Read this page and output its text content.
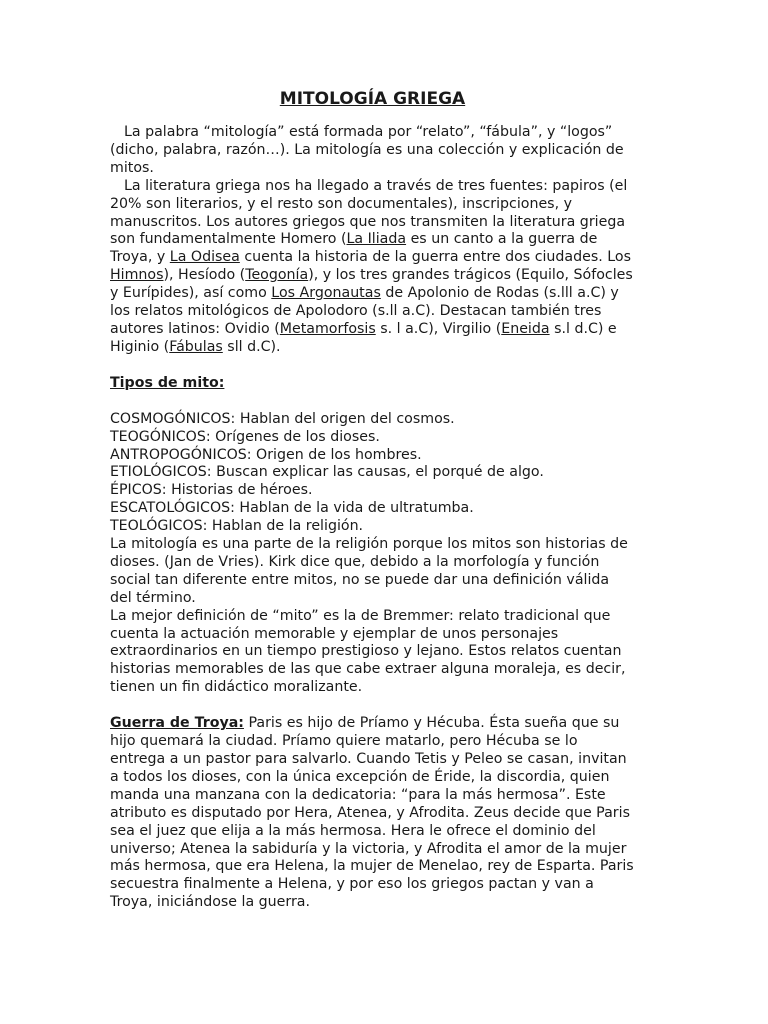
MITOLOGÍA GRIEGA

La palabra “mitología” está formada por “relato”, “fábula”, y “logos” (dicho, palabra, razón…). La mitología es una colección y explicación de mitos.

La literatura griega nos ha llegado a través de tres fuentes: papiros (el 20% son literarios, y el resto son documentales), inscripciones, y manuscritos. Los autores griegos que nos transmiten la literatura griega son fundamentalmente Homero (La Iliada es un canto a la guerra de Troya, y La Odisea cuenta la historia de la guerra entre dos ciudades. Los Himnos), Hesíodo (Teogonía), y los tres grandes trágicos (Equilo, Sófocles y Eurípides), así como Los Argonautas de Apolonio de Rodas (s.lll a.C) y los relatos mitológicos de Apolodoro (s.ll a.C). Destacan también tres autores latinos: Ovidio (Metamorfosis s. l a.C), Virgilio (Eneida s.l d.C) e Higinio (Fábulas sll d.C).

Tipos de mito:

COSMOGÓNICOS: Hablan del origen del cosmos.

TEOGÓNICOS: Orígenes de los dioses.

ANTROPOGÓNICOS: Origen de los hombres.

ETIOLÓGICOS: Buscan explicar las causas, el porqué de algo.

ÉPICOS: Historias de héroes.

ESCATOLÓGICOS: Hablan de la vida de ultratumba.

TEOLÓGICOS: Hablan de la religión.

La mitología es una parte de la religión porque los mitos son historias de dioses. (Jan de Vries). Kirk dice que, debido a la morfología y función social tan diferente entre mitos, no se puede dar una definición válida del término.

La mejor definición de “mito” es la de Bremmer: relato tradicional que cuenta la actuación memorable y ejemplar de unos personajes extraordinarios en un tiempo prestigioso y lejano. Estos relatos cuentan historias memorables de las que cabe extraer alguna moraleja, es decir, tienen un fin didáctico moralizante.

Guerra de Troya: Paris es hijo de Príamo y Hécuba. Ésta sueña que su hijo quemará la ciudad. Príamo quiere matarlo, pero Hécuba se lo entrega a un pastor para salvarlo. Cuando Tetis y Peleo se casan, invitan a todos los dioses, con la única excepción de Éride, la discordia, quien manda una manzana con la dedicatoria: “para la más hermosa”. Este atributo es disputado por Hera, Atenea, y Afrodita. Zeus decide que Paris sea el juez que elija a la más hermosa. Hera le ofrece el dominio del universo; Atenea la sabiduría y la victoria, y Afrodita el amor de la mujer más hermosa, que era Helena, la mujer de Menelao, rey de Esparta. Paris secuestra finalmente a Helena, y por eso los griegos pactan y van a Troya, iniciándose la guerra.
